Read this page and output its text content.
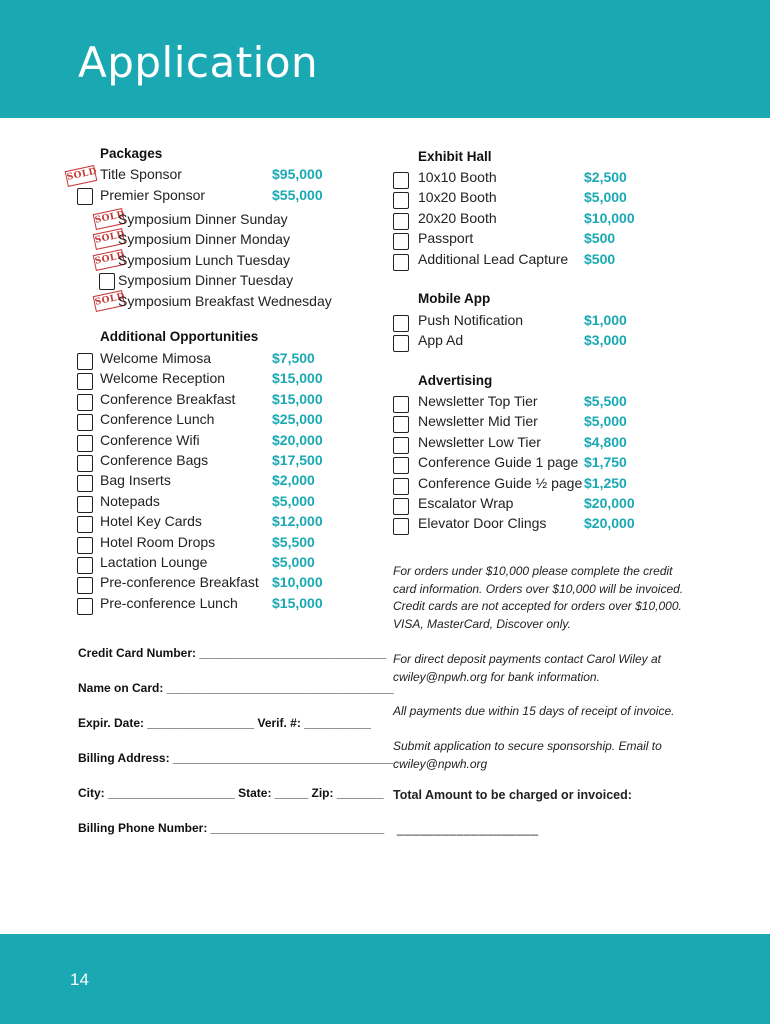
Application
Packages
SOLD Title Sponsor	$95,000
Premier Sponsor	$55,000
SOLD
Symposium Dinner Sunday
SOLD
Symposium Dinner Monday
SOLD
Symposium Lunch Tuesday
Symposium Dinner Tuesday
SOLD
Symposium Breakfast Wednesday
Additional Opportunities
Welcome Mimosa	$7,500
Welcome Reception	$15,000
Conference Breakfast	$15,000
Conference Lunch	$25,000
Conference Wifi	$20,000
Conference Bags	$17,500
Bag Inserts	$2,000
Notepads	$5,000
Hotel Key Cards	$12,000
Hotel Room Drops	$5,500
Lactation Lounge	$5,000
Pre-conference Breakfast $10,000
Pre-conference Lunch $15,000
Exhibit Hall
10x10 Booth	$2,500
10x20 Booth	$5,000
20x20 Booth	$10,000
Passport	$500
Additional Lead Capture $500
Mobile App
Push Notification	$1,000
App Ad	$3,000
Advertising
Newsletter Top Tier	$5,500
Newsletter Mid Tier	$5,000
Newsletter Low Tier	$4,800
Conference Guide 1 page $1,750
Conference Guide ½ page $1,250
Escalator Wrap	$20,000
Elevator Door Clings	$20,000
For orders under $10,000 please complete the credit card information. Orders over $10,000 will be invoiced. Credit cards are not accepted for orders over $10,000. VISA, MasterCard, Discover only.
For direct deposit payments contact Carol Wiley at cwiley@npwh.org for bank information.
All payments due within 15 days of receipt of invoice.
Submit application to secure sponsorship. Email to cwiley@npwh.org
Credit Card Number: ____________________________
Name on Card: __________________________________
Expir. Date: ________________ Verif. #: __________
Billing Address: _________________________________
City: ___________________ State: _____ Zip: _______
Billing Phone Number: __________________________
Total Amount to be charged or invoiced:
___________________
14
